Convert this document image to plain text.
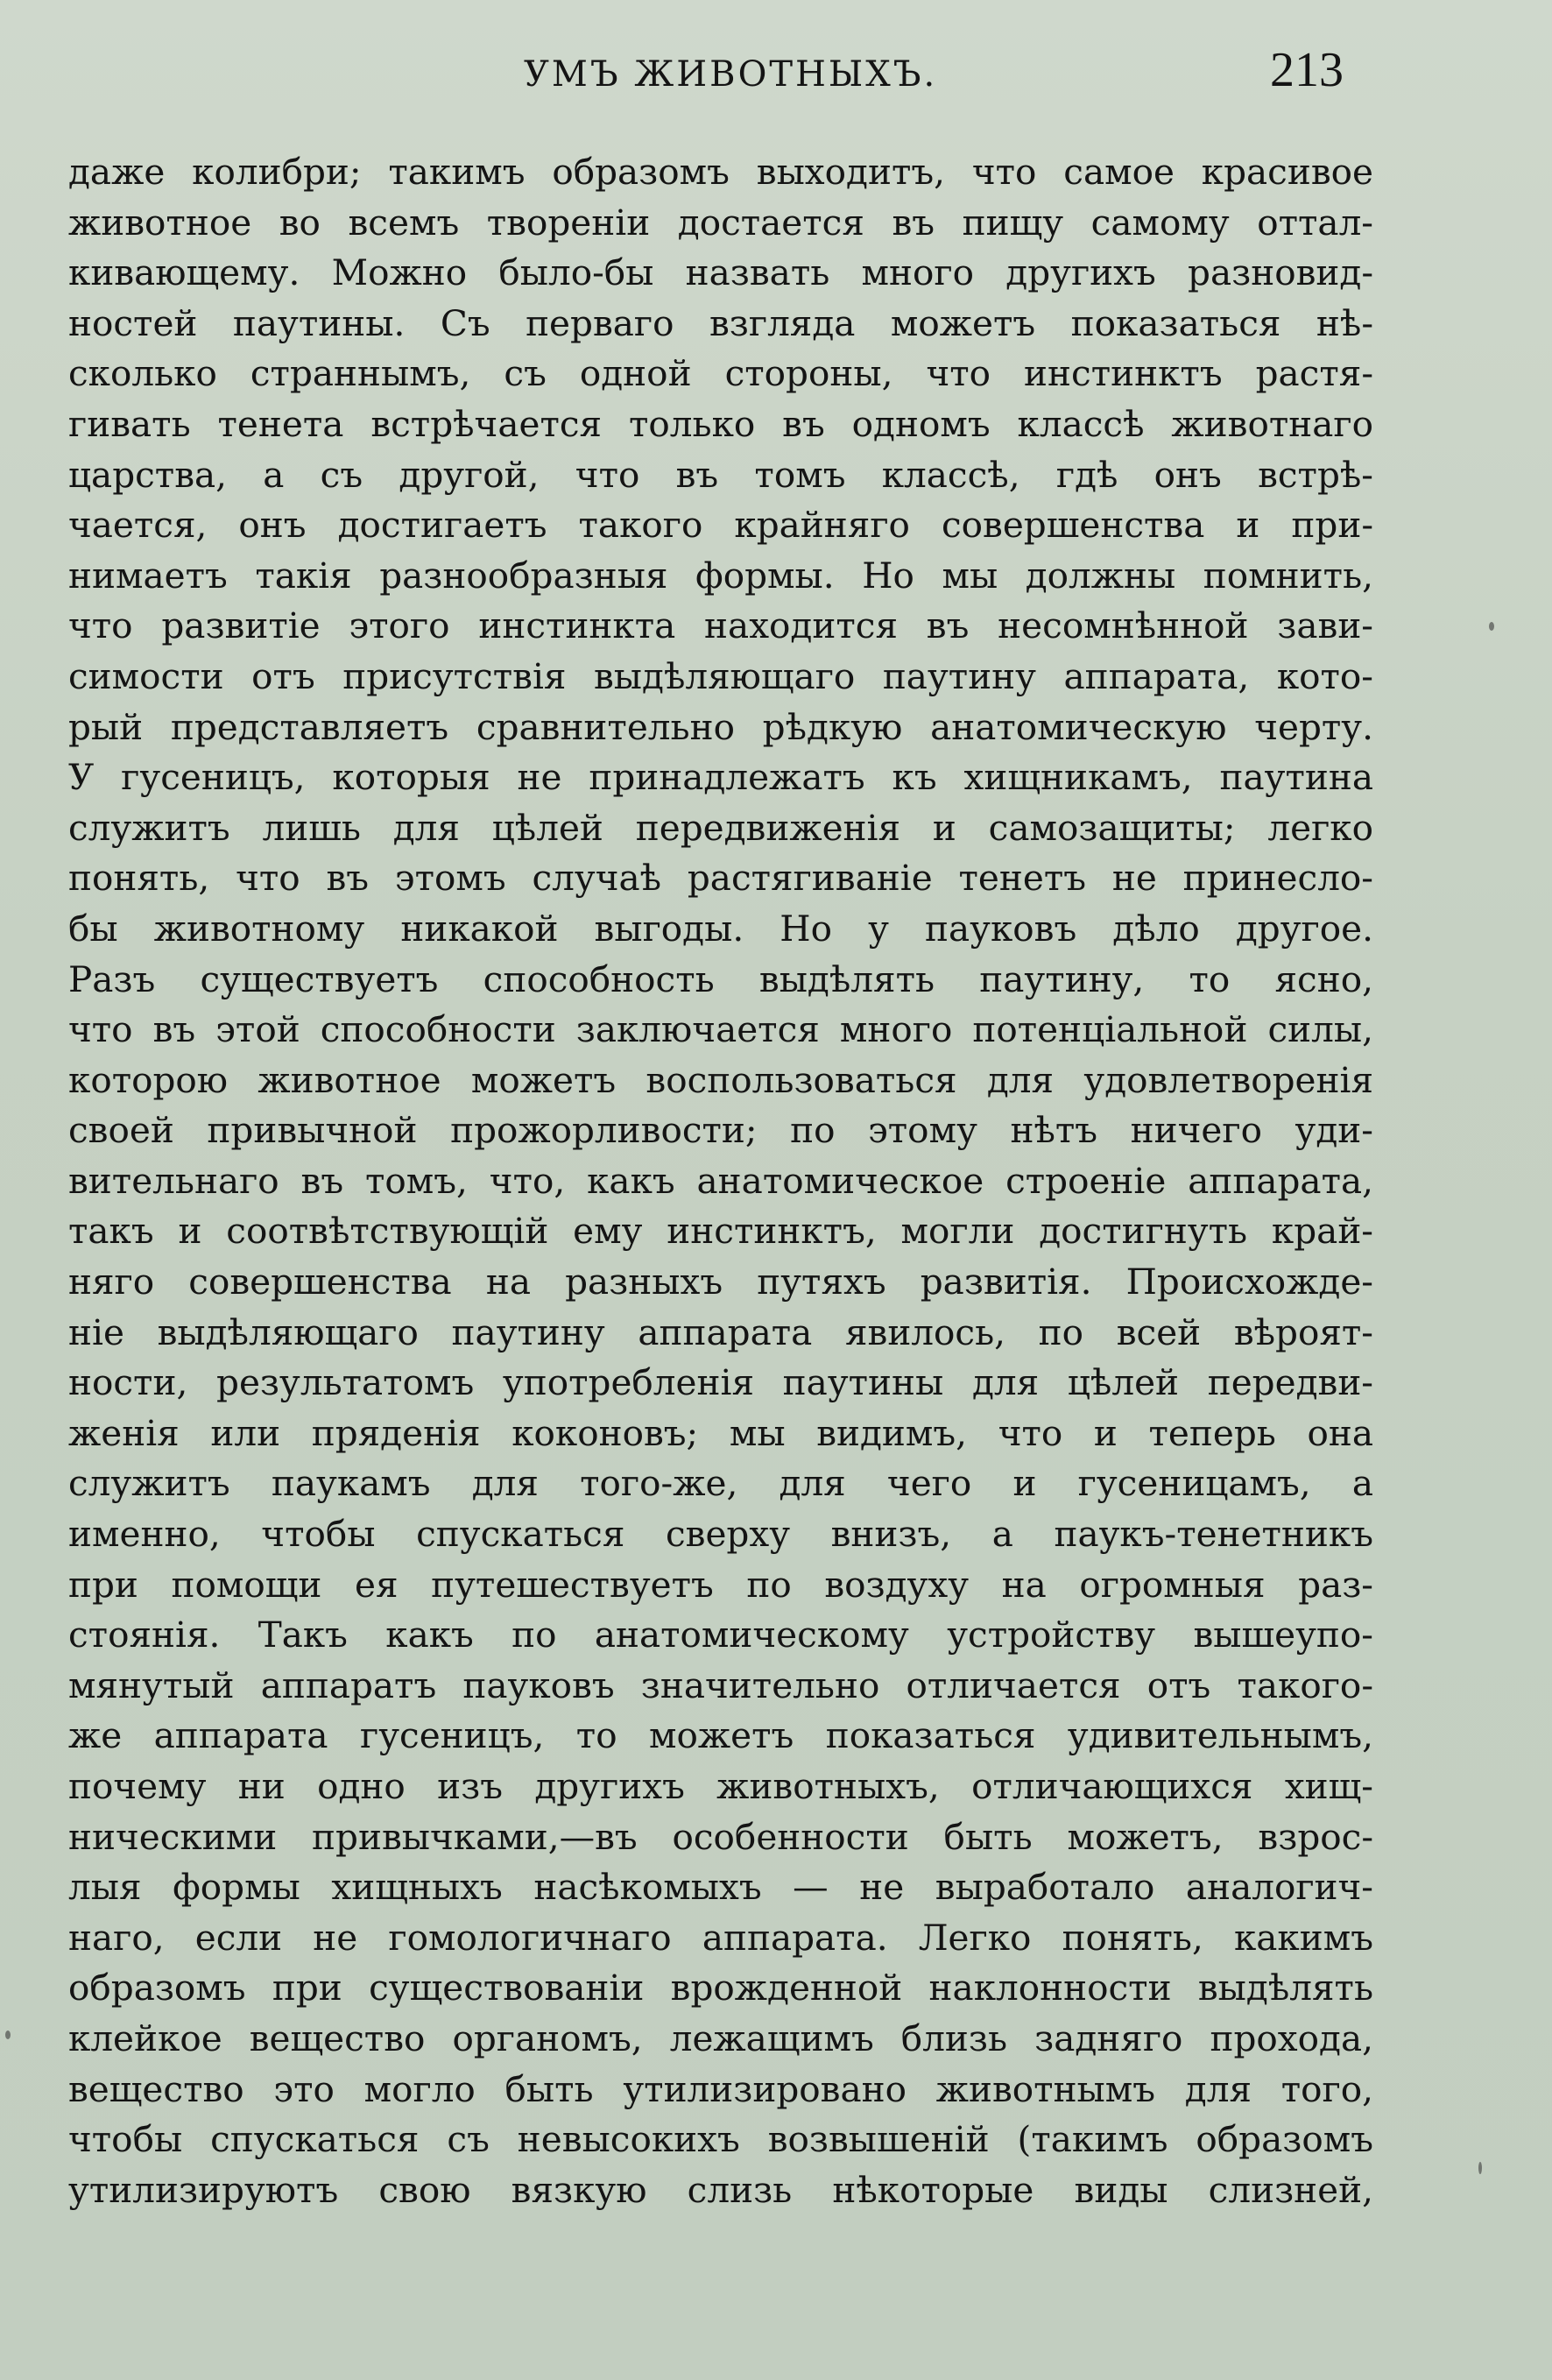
УМЪ ЖИВОТНЫХЪ.	213
даже колибри; такимъ образомъ выходитъ, что самое красивое
животное во всемъ творенiи достается въ пищу самому оттал-
кивающему. Можно было-бы назвать много другихъ разновид-
ностей паутины. Съ перваго взгляда можетъ показаться нѣ-
сколько страннымъ, съ одной стороны, что инстинктъ растя-
гивать тенета встрѣчается только въ одномъ классѣ животнаго
царства, а съ другой, что въ томъ классѣ, гдѣ онъ встрѣ-
чается, онъ достигаетъ такого крайняго совершенства и при-
нимаетъ такiя разнообразныя формы. Но мы должны помнить,
что развитiе этого инстинкта находится въ несомнѣнной зави-
симости отъ присутствiя выдѣляющаго паутину аппарата, кото-
рый представляетъ сравнительно рѣдкую анатомическую черту.
У гусеницъ, которыя не принадлежатъ къ хищникамъ, паутина
служитъ лишь для цѣлей передвиженiя и самозащиты; легко
понять, что въ этомъ случаѣ растягиванiе тенетъ не принесло-
бы животному никакой выгоды. Но у пауковъ дѣло другое.
Разъ существуетъ способность выдѣлять паутину, то ясно,
что въ этой способности заключается много потенцiальной силы,
которою животное можетъ воспользоваться для удовлетворенiя
своей привычной прожорливости; по этому нѣтъ ничего уди-
вительнаго въ томъ, что, какъ анатомическое строенiе аппарата,
такъ и соотвѣтствующiй ему инстинктъ, могли достигнуть край-
няго совершенства на разныхъ путяхъ развитiя. Происхожде-
нiе выдѣляющаго паутину аппарата явилось, по всей вѣроят-
ности, результатомъ употребленiя паутины для цѣлей передви-
женiя или пряденiя коконовъ; мы видимъ, что и теперь она
служитъ паукамъ для того-же, для чего и гусеницамъ, а
именно, чтобы спускаться сверху внизъ, а паукъ-тенетникъ
при помощи ея путешествуетъ по воздуху на огромныя раз-
стоянiя. Такъ какъ по анатомическому устройству вышеупо-
мянутый аппаратъ пауковъ значительно отличается отъ такого-
же аппарата гусеницъ, то можетъ показаться удивительнымъ,
почему ни одно изъ другихъ животныхъ, отличающихся хищ-
ническими привычками,—въ особенности быть можетъ, взрос-
лыя формы хищныхъ насѣкомыхъ — не выработало аналогич-
наго, если не гомологичнаго аппарата. Легко понять, какимъ
образомъ при существованiи врожденной наклонности выдѣлять
клейкое вещество органомъ, лежащимъ близь задняго прохода,
вещество это могло быть утилизировано животнымъ для того,
чтобы спускаться съ невысокихъ возвышенiй (такимъ образомъ
утилизируютъ свою вязкую слизь нѣкоторые виды слизней,
